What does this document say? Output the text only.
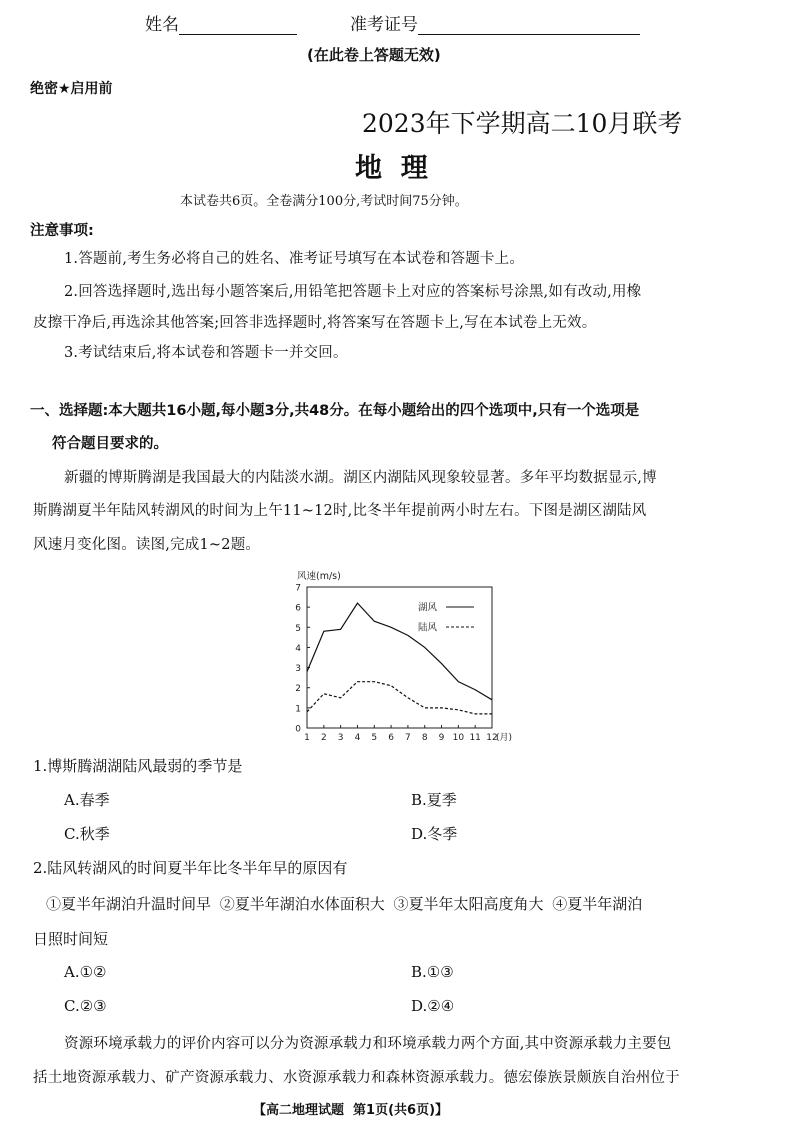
姓名	准考证号
(在此卷上答题无效)
绝密★启用前
2023年下学期高二10月联考
地  理
本试卷共6页。全卷满分100分,考试时间75分钟。
注意事项:
1.答题前,考生务必将自己的姓名、准考证号填写在本试卷和答题卡上。
2.回答选择题时,选出每小题答案后,用铅笔把答题卡上对应的答案标号涂黑,如有改动,用橡
皮擦干净后,再选涂其他答案;回答非选择题时,将答案写在答题卡上,写在本试卷上无效。
3.考试结束后,将本试卷和答题卡一并交回。
一、选择题:本大题共16小题,每小题3分,共48分。在每小题给出的四个选项中,只有一个选项是
符合题目要求的。
新疆的博斯腾湖是我国最大的内陆淡水湖。湖区内湖陆风现象较显著。多年平均数据显示,博
斯腾湖夏半年陆风转湖风的时间为上午11~12时,比冬半年提前两小时左右。下图是湖区湖陆风
风速月变化图。读图,完成1~2题。
0
1
2
3
4
5
6
7
1 2 3 4 5 6 7 8 9 10 11 12
风速(m/s)
(月)
湖风
陆风
1.博斯腾湖湖陆风最弱的季节是
A.春季	B.夏季
C.秋季	D.冬季
2.陆风转湖风的时间夏半年比冬半年早的原因有
①夏半年湖泊升温时间早 ②夏半年湖泊水体面积大 ③夏半年太阳高度角大 ④夏半年湖泊
日照时间短
A.①②	B.①③
C.②③	D.②④
资源环境承载力的评价内容可以分为资源承载力和环境承载力两个方面,其中资源承载力主要包
括土地资源承载力、矿产资源承载力、水资源承载力和森林资源承载力。德宏傣族景颇族自治州位于
【高二地理试题  第1页(共6页)】
